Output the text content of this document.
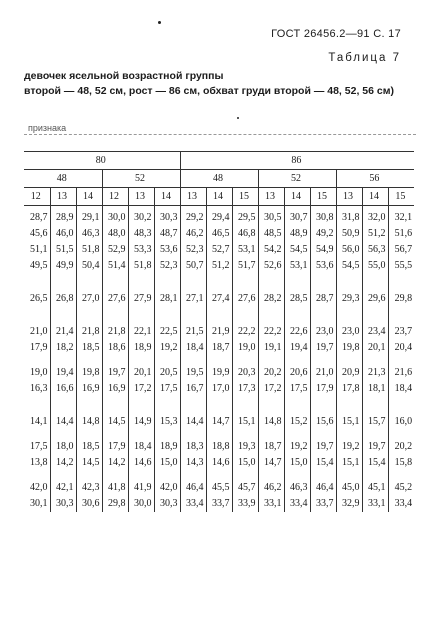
ГОСТ 26456.2—91 С. 17
Таблица 7
девочек ясельной возрастной группы
второй — 48, 52 см, рост — 86 см, обхват груди второй — 48, 52, 56 см)
признака
80						86								
48			52			48			52			56		
12	13	14	12	13	14	13	14	15	13	14	15	13	14	15

28,7	28,9	29,1	30,0	30,2	30,3	29,2	29,4	29,5	30,5	30,7	30,8	31,8	32,0	32,1
45,6	46,0	46,3	48,0	48,3	48,7	46,2	46,5	46,8	48,5	48,9	49,2	50,9	51,2	51,6
51,1	51,5	51,8	52,9	53,3	53,6	52,3	52,7	53,1	54,2	54,5	54,9	56,0	56,3	56,7
49,5	49,9	50,4	51,4	51,8	52,3	50,7	51,2	51,7	52,6	53,1	53,6	54,5	55,0	55,5

26,5	26,8	27,0	27,6	27,9	28,1	27,1	27,4	27,6	28,2	28,5	28,7	29,3	29,6	29,8

21,0	21,4	21,8	21,8	22,1	22,5	21,5	21,9	22,2	22,2	22,6	23,0	23,0	23,4	23,7
17,9	18,2	18,5	18,6	18,9	19,2	18,4	18,7	19,0	19,1	19,4	19,7	19,8	20,1	20,4

19,0	19,4	19,8	19,7	20,1	20,5	19,5	19,9	20,3	20,2	20,6	21,0	20,9	21,3	21,6
16,3	16,6	16,9	16,9	17,2	17,5	16,7	17,0	17,3	17,2	17,5	17,9	17,8	18,1	18,4

14,1	14,4	14,8	14,5	14,9	15,3	14,4	14,7	15,1	14,8	15,2	15,6	15,1	15,7	16,0

17,5	18,0	18,5	17,9	18,4	18,9	18,3	18,8	19,3	18,7	19,2	19,7	19,2	19,7	20,2
13,8	14,2	14,5	14,2	14,6	15,0	14,3	14,6	15,0	14,7	15,0	15,4	15,1	15,4	15,8

42,0	42,1	42,3	41,8	41,9	42,0	46,4	45,5	45,7	46,2	46,3	46,4	45,0	45,1	45,2
30,1	30,3	30,6	29,8	30,0	30,3	33,4	33,7	33,9	33,1	33,4	33,7	32,9	33,1	33,4
